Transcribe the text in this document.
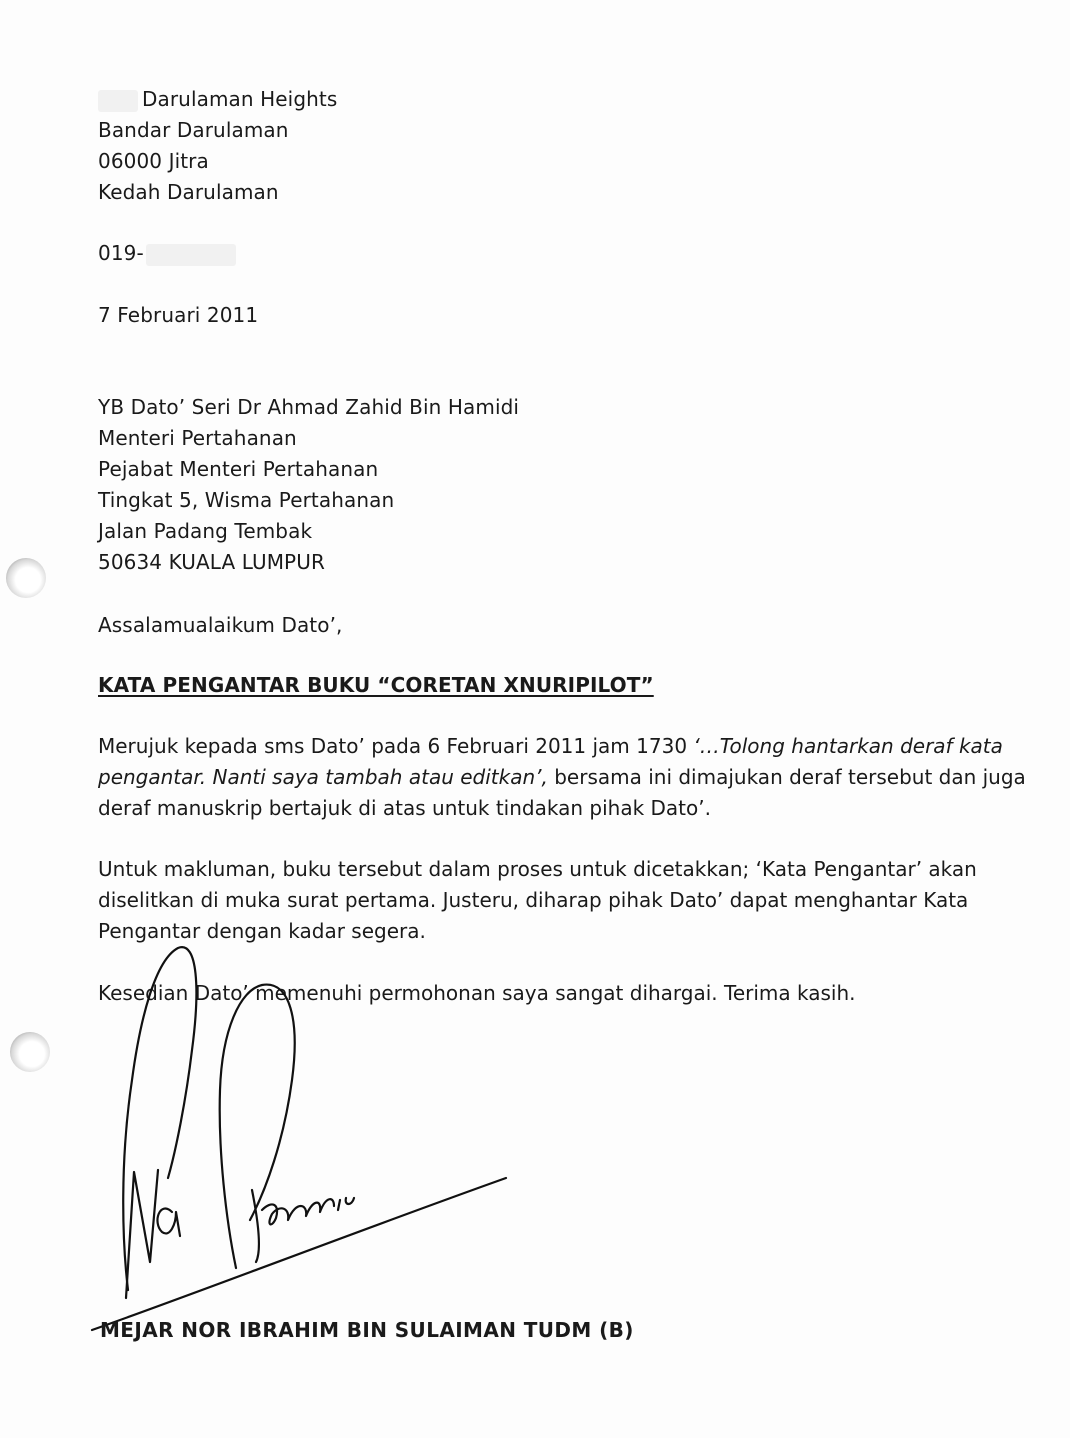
Darulaman Heights
Bandar Darulaman
06000 Jitra
Kedah Darulaman
019-
7 Februari 2011
YB Dato’ Seri Dr Ahmad Zahid Bin Hamidi
Menteri Pertahanan
Pejabat Menteri Pertahanan
Tingkat 5, Wisma Pertahanan
Jalan Padang Tembak
50634 KUALA LUMPUR
Assalamualaikum Dato’,
KATA PENGANTAR BUKU “CORETAN XNURIPILOT”
Merujuk kepada sms Dato’ pada 6 Februari 2011 jam 1730 ‘…Tolong hantarkan deraf kata
pengantar. Nanti saya tambah atau editkan’, bersama ini dimajukan deraf tersebut dan juga
deraf manuskrip bertajuk di atas untuk tindakan pihak Dato’.
Untuk makluman, buku tersebut dalam proses untuk dicetakkan; ‘Kata Pengantar’ akan
diselitkan di muka surat pertama. Justeru, diharap pihak Dato’ dapat menghantar Kata
Pengantar dengan kadar segera.
Kesedian Dato’ memenuhi permohonan saya sangat dihargai. Terima kasih.
MEJAR NOR IBRAHIM BIN SULAIMAN TUDM (B)
